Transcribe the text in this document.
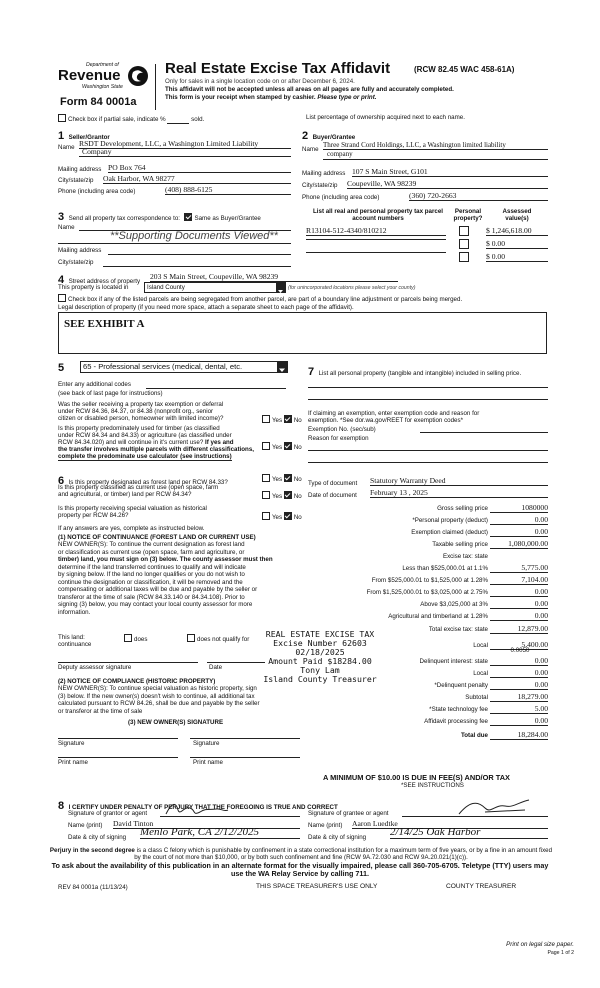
Department of
Revenue
Washington State
Form 84 0001a
Real Estate Excise Tax Affidavit	(RCW 82.45 WAC 458-61A)
Only for sales in a single location code on or after December 6, 2024.
This affidavit will not be accepted unless all areas on all pages are fully and accurately completed.
This form is your receipt when stamped by cashier. Please type or print.
Check box if partial sale, indicate %	sold.	List percentage of ownership acquired next to each name.
1 Seller/Grantor
Name RSDT Development, LLC, a Washington Limited Liability
Company
Mailing address PO Box 764
City/state/zip Oak Harbor, WA 98277
Phone (including area code)	(408) 888-6125
2 Buyer/Grantee
Name
Three Strand Cord Holdings, LLC, a Washington limited liability
company
Mailing address 107 S Main Street, G101
City/state/zip Coupeville, WA 98239
Phone (including area code)	(360) 720-2663
3 Send all property tax correspondence to: Same as Buyer/Grantee
Name
**Supporting Documents Viewed**
Mailing address
City/state/zip
List all real and personal property tax parcel account numbers
Personal property?
Assessed value(s)
R13104-512-4340/810212	$ 1,246,618.00
$ 0.00
$ 0.00
4 Street address of property
203 S Main Street, Coupeville, WA 98239
This property is located in	Island County	(for unincorporated locations please select your county)
Check box if any of the listed parcels are being segregated from another parcel, are part of a boundary line adjustment or parcels being merged.
Legal description of property (if you need more space, attach a separate sheet to each page of the affidavit).
SEE EXHIBIT A
5 65 - Professional services (medical, dental, etc.
Enter any additional codes
(see back of last page for instructions)
Was the seller receiving a property tax exemption or deferral
under RCW 84.36, 84.37, or 84.38 (nonprofit org., senior
citizen or disabled person, homeowner with limited income)?	Yes No
Is this property predominately used for timber (as classified
under RCW 84.34 and 84.33) or agriculture (as classified under
RCW 84.34.020) and will continue in it's current use? If yes and
the transfer involves multiple parcels with different classifications,
complete the predominate use calculator (see instructions)
Yes No
6 Is this property designated as forest land per RCW 84.33?	Yes No
Is this property classified as current use (open space, farm
and agricultural, or timber) land per RCW 84.34?	Yes No
Is this property receiving special valuation as historical
property per RCW 84.26?	Yes No
If any answers are yes, complete as instructed below.
(1) NOTICE OF CONTINUANCE (FOREST LAND OR CURRENT USE)

NEW OWNER(S): To continue the current designation as forest land

or classification as current use (open space, farm and agriculture, or

timber) land, you must sign on (3) below. The county assessor must then

determine if the land transferred continues to qualify and will indicate

by signing below. If the land no longer qualifies or you do not wish to

continue the designation or classification, it will be removed and the

compensating or additional taxes will be due and payable by the seller or

transferor at the time of sale (RCW 84.33.140 or 84.34.108). Prior to

signing (3) below, you may contact your local county assessor for more

information.

This land:
continuance
does	does not qualify for
Deputy assessor signature	Date
(2) NOTICE OF COMPLIANCE (HISTORIC PROPERTY)

NEW OWNER(S): To continue special valuation as historic property, sign

(3) below. If the new owner(s) doesn't wish to continue, all additional tax

calculated pursuant to RCW 84.26, shall be due and payable by the seller

or transferor at the time of sale

(3) NEW OWNER(S) SIGNATURE
Signature	Signature
Print name	Print name
7 List all personal property (tangible and intangible) included in selling price.
If claiming an exemption, enter exemption code and reason for
exemption. *See dor.wa.gov/REET for exemption codes*
Exemption No. (sec/sub)
Reason for exemption
Type of document Statutory Warranty Deed
Date of document February 13 , 2025
Gross selling price	1080000
*Personal property (deduct)	0.00
Exemption claimed (deduct)	0.00
Taxable selling price	1,080,000.00
Excise tax: state
Less than $525,000.01 at 1.1%	5,775.00
From $525,000.01 to $1,525,000 at 1.28%	7,104.00
From $1,525,000.01 to $3,025,000 at 2.75%	0.00
Above $3,025,000 at 3%	0.00
Agricultural and timberland at 1.28%	0.00
Total excise tax: state	12,879.00
Local	5,400.00
Delinquent interest: state	0.00
Local	0.00
*Delinquent penalty	0.00
Subtotal	18,279.00
*State technology fee	5.00
Affidavit processing fee	0.00
Total due	18,284.00
0.0050
A MINIMUM OF $10.00 IS DUE IN FEE(S) AND/OR TAX
*SEE INSTRUCTIONS
REAL ESTATE EXCISE TAX
Excise Number 62603
02/18/2025
Amount Paid $18284.00
Tony Lam
Island County Treasurer
8 I CERTIFY UNDER PENALTY OF PERJURY THAT THE FOREGOING IS TRUE AND CORRECT
Signature of grantor or agent
Name (print) David Tinton
Date & city of signing Menlo Park, CA 2/12/2025
Signature of grantee or agent
Name (print) Aaron Luedtke
Date & city of signing 2/14/25 Oak Harbor
Perjury in the second degree is a class C felony which is punishable by confinement in a state correctional institution for a maximum term of five years, or by a fine in an amount fixed by the court of not more than $10,000, or by both such confinement and fine (RCW 9A.72.030 and RCW 9A.20.021(1)(c)).
To ask about the availability of this publication in an alternate format for the visually impaired, please call 360-705-6705. Teletype (TTY) users may use the WA Relay Service by calling 711.
REV 84 0001a (11/13/24)	THIS SPACE TREASURER'S USE ONLY	COUNTY TREASURER
Print on legal size paper.
Page 1 of 2
